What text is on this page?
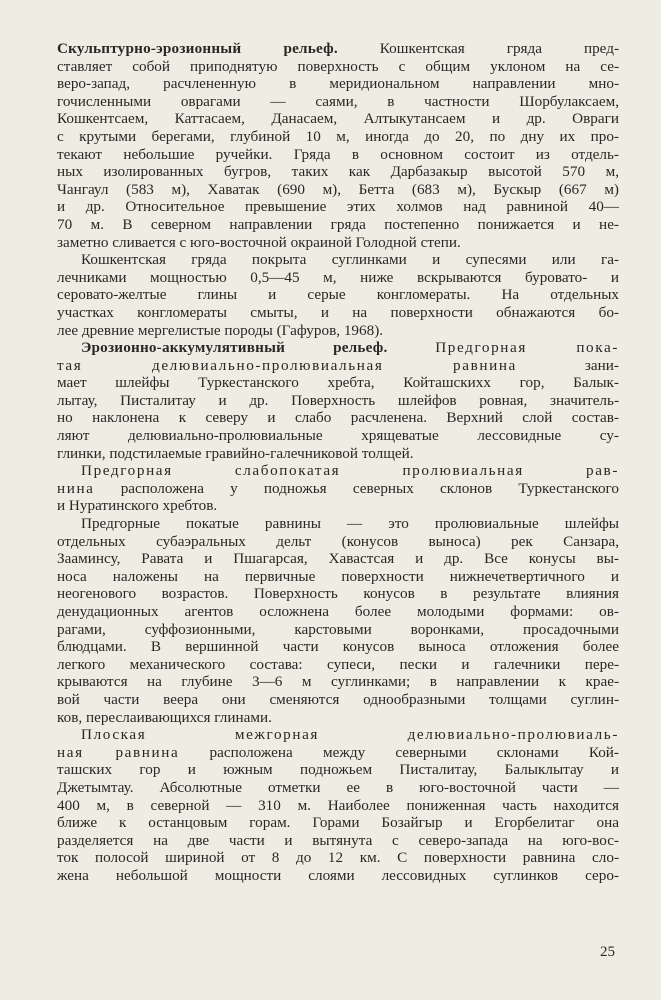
Скульптурно-эрозионный рельеф. Кошкентская гряда пред-
ставляет собой приподнятую поверхность с общим уклоном на се-
веро-запад, расчлененную в меридиональном направлении мно-
гочисленными оврагами — саями, в частности Шорбулаксаем,
Кошкентсаем, Каттасаем, Данасаем, Алтыкутансаем и др. Овраги
с крутыми берегами, глубиной 10 м, иногда до 20, по дну их про-
текают небольшие ручейки. Гряда в основном состоит из отдель-
ных изолированных бугров, таких как Дарбазакыр высотой 570 м,
Чангаул (583 м), Хаватак (690 м), Бетта (683 м), Бускыр (667 м)
и др. Относительное превышение этих холмов над равниной 40—
70 м. В северном направлении гряда постепенно понижается и не-
заметно сливается с юго-восточной окраиной Голодной степи.
Кошкентская гряда покрыта суглинками и супесями или га-
лечниками мощностью 0,5—45 м, ниже вскрываются буровато- и
серовато-желтые глины и серые конгломераты. На отдельных
участках конгломераты смыты, и на поверхности обнажаются бо-
лее древние мергелистые породы (Гафуров, 1968).
Эрозионно-аккумулятивный рельеф.	Предгорная пока-
тая делювиально-пролювиальная равнина зани-
мает шлейфы Туркестанского хребта, Койташскихх гор, Балык-
лытау, Писталитау и др. Поверхность шлейфов ровная, значитель-
но наклонена к северу и слабо расчленена. Верхний слой состав-
ляют делювиально-пролювиальные хрящеватые лессовидные су-
глинки, подстилаемые гравийно-галечниковой толщей.
Предгорная слабопокатая пролювиальная рав-
нина расположена у подножья северных склонов Туркестанского
и Нуратинского хребтов.
Предгорные покатые равнины — это пролювиальные шлейфы
отдельных субаэральных дельт (конусов выноса) рек Санзара,
Зааминсу, Равата и Пшагарсая, Хавастсая и др. Все конусы вы-
носа наложены на первичные поверхности нижнечетвертичного и
неогенового возрастов. Поверхность конусов в результате влияния
денудационных агентов осложнена более молодыми формами: ов-
рагами, суффозионными, карстовыми воронками, просадочными
блюдцами. В вершинной части конусов выноса отложения более
легкого механического состава: супеси, пески и галечники пере-
крываются на глубине 3—6 м суглинками; в направлении к крае-
вой части веера они сменяются однообразными толщами суглин-
ков, переслаивающихся глинами.
Плоская межгорная делювиально-пролювиаль-
ная равнина расположена между северными склонами Кой-
ташских гор и южным подножьем Писталитау, Балыклытау и
Джетымтау. Абсолютные отметки ее в юго-восточной части —
400 м, в северной — 310 м. Наиболее пониженная часть находится
ближе к останцовым горам. Горами Бозайгыр и Егорбелитаг она
разделяется на две части и вытянута с северо-запада на юго-вос-
ток полосой шириной от 8 до 12 км. С поверхности равнина сло-
жена небольшой мощности слоями лессовидных суглинков серо-
25
